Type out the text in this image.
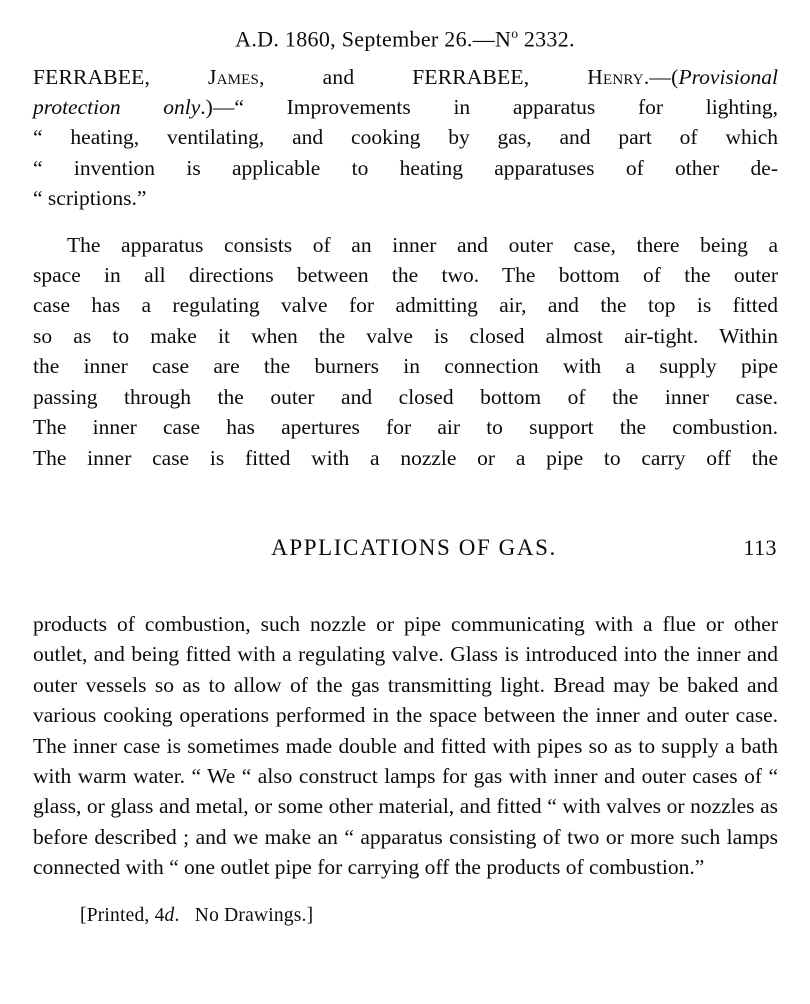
A.D. 1860, September $26.—N^o$ 2332.
FERRABEE, James, and FERRABEE, Henry.—(Provisional
protection only.)—“ Improvements in apparatus for lighting,
“ heating, ventilating, and cooking by gas, and part of which
“ invention is applicable to heating apparatuses of other de-
“ scriptions.”
The apparatus consists of an inner and outer case, there being a
space in all directions between the two. The bottom of the outer
case has a regulating valve for admitting air, and the top is fitted
so as to make it when the valve is closed almost air-tight. Within
the inner case are the burners in connection with a supply pipe
passing through the outer and closed bottom of the inner case.
The inner case has apertures for air to support the combustion.
The inner case is fitted with a nozzle or a pipe to carry off the
APPLICATIONS OF GAS.	113
products of combustion, such nozzle or pipe communicating with a flue or other outlet, and being fitted with a regulating valve. Glass is introduced into the inner and outer vessels so as to allow of the gas transmitting light. Bread may be baked and various cooking operations performed in the space between the inner and outer case. The inner case is sometimes made double and fitted with pipes so as to supply a bath with warm water. “ We “ also construct lamps for gas with inner and outer cases of “ glass, or glass and metal, or some other material, and fitted “ with valves or nozzles as before described ; and we make an “ apparatus consisting of two or more such lamps connected with “ one outlet pipe for carrying off the products of combustion.”
[Printed, 4d.   No Drawings.]
